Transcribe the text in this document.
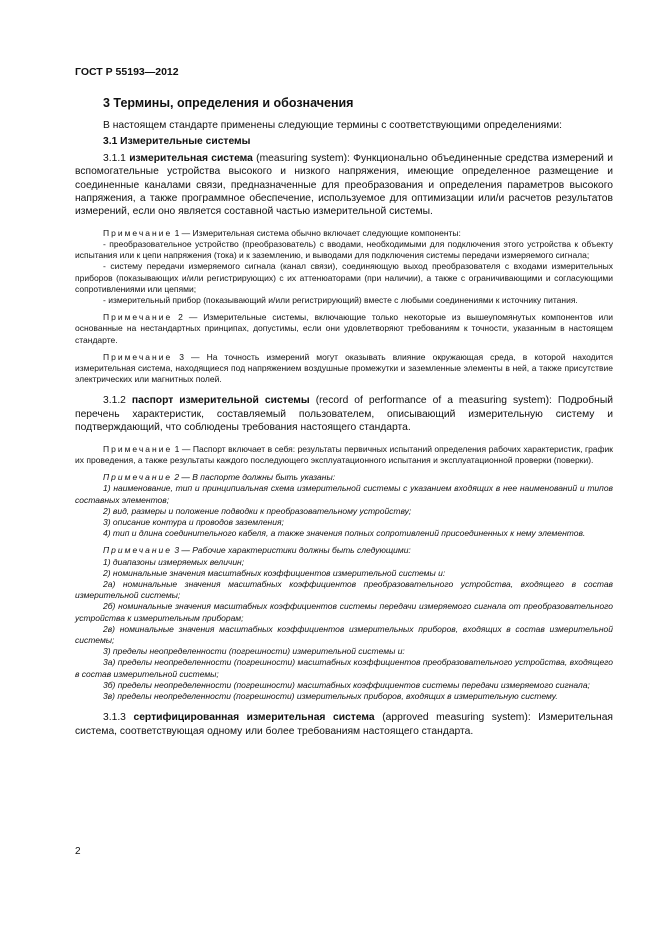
ГОСТ Р 55193—2012
3 Термины, определения и обозначения

В настоящем стандарте применены следующие термины с соответствующими определениями:

3.1 Измерительные системы

3.1.1 измерительная система (measuring system): Функционально объединенные средства измерений и вспомогательные устройства высокого и низкого напряжения, имеющие определенное размещение и соединенные каналами связи, предназначенные для преобразования и определения параметров высокого напряжения, а также программное обеспечение, используемое для оптимизации или/и расчетов результатов измерений, если оно является составной частью измерительной системы.

Примечание 1 — Измерительная система обычно включает следующие компоненты:

- преобразовательное устройство (преобразователь) с вводами, необходимыми для подключения этого устройства к объекту испытания или к цепи напряжения (тока) и к заземлению, и выводами для подключения системы передачи измеряемого сигнала;

- систему передачи измеряемого сигнала (канал связи), соединяющую выход преобразователя с входами измерительных приборов (показывающих и/или регистрирующих) с их аттенюаторами (при наличии), а также с ограничивающими и согласующими сопротивлениями или цепями;

- измерительный прибор (показывающий и/или регистрирующий) вместе с любыми соединениями к источнику питания.

Примечание 2 — Измерительные системы, включающие только некоторые из вышеупомянутых компонентов или основанные на нестандартных принципах, допустимы, если они удовлетворяют требованиям к точности, указанным в настоящем стандарте.

Примечание 3 — На точность измерений могут оказывать влияние окружающая среда, в которой находится измерительная система, находящиеся под напряжением воздушные промежутки и заземленные элементы в ней, а также присутствие электрических или магнитных полей.

3.1.2 паспорт измерительной системы (record of performance of a measuring system): Подробный перечень характеристик, составляемый пользователем, описывающий измерительную систему и подтверждающий, что соблюдены требования настоящего стандарта.

Примечание 1 — Паспорт включает в себя: результаты первичных испытаний определения рабочих характеристик, график их проведения, а также результаты каждого последующего эксплуатационного испытания и эксплуатационной проверки (поверки).

Примечание 2 — В паспорте должны быть указаны:

1) наименование, тип и принципиальная схема измерительной системы с указанием входящих в нее наименований и типов составных элементов;

2) вид, размеры и положение подводки к преобразовательному устройству;

3) описание контура и проводов заземления;

4) тип и длина соединительного кабеля, а также значения полных сопротивлений присоединенных к нему элементов.

Примечание 3 — Рабочие характеристики должны быть следующими:

1) диапазоны измеряемых величин;

2) номинальные значения масштабных коэффициентов измерительной системы и:

2а) номинальные значения масштабных коэффициентов преобразовательного устройства, входящего в состав измерительной системы;

2б) номинальные значения масштабных коэффициентов системы передачи измеряемого сигнала от преобразовательного устройства к измерительным приборам;

2в) номинальные значения масштабных коэффициентов измерительных приборов, входящих в состав измерительной системы;

3) пределы неопределенности (погрешности) измерительной системы и:

3а) пределы неопределенности (погрешности) масштабных коэффициентов преобразовательного устройства, входящего в состав измерительной системы;

3б) пределы неопределенности (погрешности) масштабных коэффициентов системы передачи измеряемого сигнала;

3в) пределы неопределенности (погрешности) измерительных приборов, входящих в измерительную систему.

3.1.3 сертифицированная измерительная система (approved measuring system): Измерительная система, соответствующая одному или более требованиям настоящего стандарта.

2
